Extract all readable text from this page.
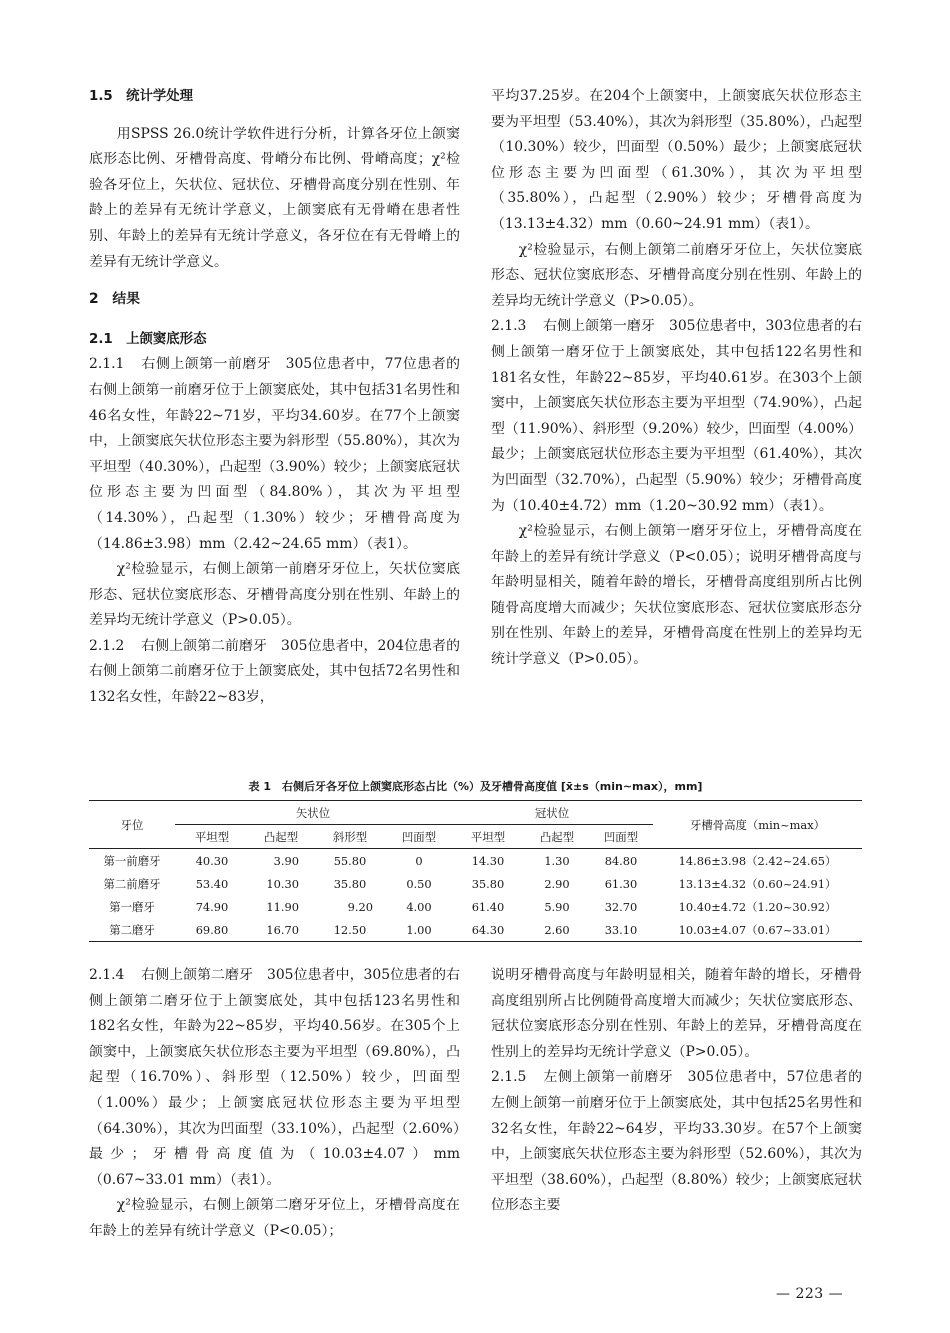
1.5　统计学处理

用SPSS 26.0统计学软件进行分析，计算各牙位上颌窦底形态比例、牙槽骨高度、骨嵴分布比例、骨嵴高度；χ²检验各牙位上，矢状位、冠状位、牙槽骨高度分别在性别、年龄上的差异有无统计学意义，上颌窦底有无骨嵴在患者性别、年龄上的差异有无统计学意义，各牙位在有无骨嵴上的差异有无统计学意义。

2　结果
2.1　上颌窦底形态

2.1.1 右侧上颌第一前磨牙　305位患者中，77位患者的右侧上颌第一前磨牙位于上颌窦底处，其中包括31名男性和46名女性，年龄22~71岁，平均34.60岁。在77个上颌窦中，上颌窦底矢状位形态主要为斜形型（55.80%），其次为平坦型（40.30%），凸起型（3.90%）较少；上颌窦底冠状位形态主要为凹面型（84.80%），其次为平坦型（14.30%），凸起型（1.30%）较少；牙槽骨高度为（14.86±3.98）mm（2.42~24.65 mm）（表1）。

χ²检验显示，右侧上颌第一前磨牙牙位上，矢状位窦底形态、冠状位窦底形态、牙槽骨高度分别在性别、年龄上的差异均无统计学意义（P>0.05）。

2.1.2 右侧上颌第二前磨牙　305位患者中，204位患者的右侧上颌第二前磨牙位于上颌窦底处，其中包括72名男性和132名女性，年龄22~83岁，

平均37.25岁。在204个上颌窦中，上颌窦底矢状位形态主要为平坦型（53.40%），其次为斜形型（35.80%），凸起型（10.30%）较少，凹面型（0.50%）最少；上颌窦底冠状位形态主要为凹面型（61.30%），其次为平坦型（35.80%），凸起型（2.90%）较少；牙槽骨高度为（13.13±4.32）mm（0.60~24.91 mm）（表1）。

χ²检验显示，右侧上颌第二前磨牙牙位上，矢状位窦底形态、冠状位窦底形态、牙槽骨高度分别在性别、年龄上的差异均无统计学意义（P>0.05）。

2.1.3 右侧上颌第一磨牙　305位患者中，303位患者的右侧上颌第一磨牙位于上颌窦底处，其中包括122名男性和181名女性，年龄22~85岁，平均40.61岁。在303个上颌窦中，上颌窦底矢状位形态主要为平坦型（74.90%），凸起型（11.90%）、斜形型（9.20%）较少，凹面型（4.00%）最少；上颌窦底冠状位形态主要为平坦型（61.40%），其次为凹面型（32.70%），凸起型（5.90%）较少；牙槽骨高度为（10.40±4.72）mm（1.20~30.92 mm）（表1）。

χ²检验显示，右侧上颌第一磨牙牙位上，牙槽骨高度在年龄上的差异有统计学意义（P<0.05）；说明牙槽骨高度与年龄明显相关，随着年龄的增长，牙槽骨高度组别所占比例随骨高度增大而减少；矢状位窦底形态、冠状位窦底形态分别在性别、年龄上的差异，牙槽骨高度在性别上的差异均无统计学意义（P>0.05）。

表 1　右侧后牙各牙位上颌窦底形态占比（%）及牙槽骨高度值 [x̄±s（min~max），mm]
牙位	矢状位				冠状位			牙槽骨高度（min~max）
	平坦型	凸起型	斜形型	凹面型	平坦型	凸起型	凹面型	
第一前磨牙	40.30	3.90	55.80	0	14.30	1.30	84.80	14.86±3.98（2.42~24.65）
第二前磨牙	53.40	10.30	35.80	0.50	35.80	2.90	61.30	13.13±4.32（0.60~24.91）
第一磨牙	74.90	11.90	9.20	4.00	61.40	5.90	32.70	10.40±4.72（1.20~30.92）
第二磨牙	69.80	16.70	12.50	1.00	64.30	2.60	33.10	10.03±4.07（0.67~33.01）

2.1.4 右侧上颌第二磨牙　305位患者中，305位患者的右侧上颌第二磨牙位于上颌窦底处，其中包括123名男性和182名女性，年龄为22~85岁，平均40.56岁。在305个上颌窦中，上颌窦底矢状位形态主要为平坦型（69.80%），凸起型（16.70%）、斜形型（12.50%）较少，凹面型（1.00%）最少；上颌窦底冠状位形态主要为平坦型（64.30%），其次为凹面型（33.10%），凸起型（2.60%）最少；牙槽骨高度值为（10.03±4.07）mm（0.67~33.01 mm）（表1）。

χ²检验显示，右侧上颌第二磨牙牙位上，牙槽骨高度在年龄上的差异有统计学意义（P<0.05）；

说明牙槽骨高度与年龄明显相关，随着年龄的增长，牙槽骨高度组别所占比例随骨高度增大而减少；矢状位窦底形态、冠状位窦底形态分别在性别、年龄上的差异，牙槽骨高度在性别上的差异均无统计学意义（P>0.05）。

2.1.5 左侧上颌第一前磨牙　305位患者中，57位患者的左侧上颌第一前磨牙位于上颌窦底处，其中包括25名男性和32名女性，年龄22~64岁，平均33.30岁。在57个上颌窦中，上颌窦底矢状位形态主要为斜形型（52.60%），其次为平坦型（38.60%），凸起型（8.80%）较少；上颌窦底冠状位形态主要

— 223 —
